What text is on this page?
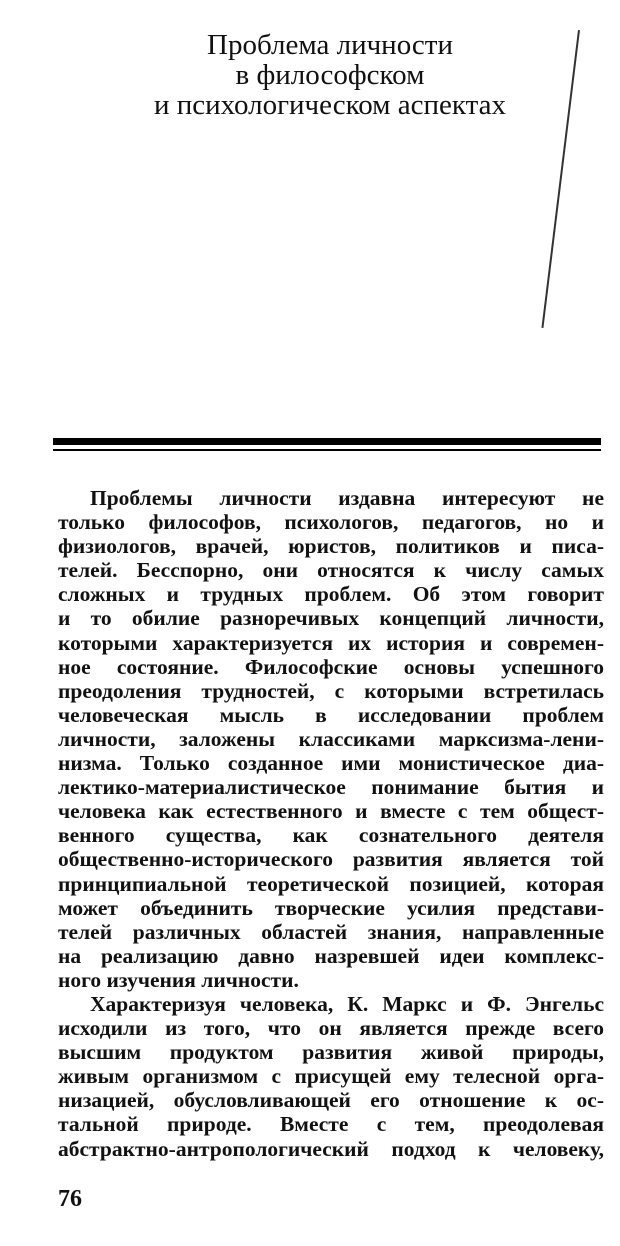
Проблема личности
в философском
и психологическом аспектах
Проблемы личности издавна интересуют не
только философов, психологов, педагогов, но и
физиологов, врачей, юристов, политиков и писа-
телей. Бесспорно, они относятся к числу самых
сложных и трудных проблем. Об этом говорит
и то обилие разноречивых концепций личности,
которыми характеризуется их история и современ-
ное состояние. Философские основы успешного
преодоления трудностей, с которыми встретилась
человеческая мысль в исследовании проблем
личности, заложены классиками марксизма-лени-
низма. Только созданное ими монистическое диа-
лектико-материалистическое понимание бытия и
человека как естественного и вместе с тем общест-
венного существа, как сознательного деятеля
общественно-исторического развития является той
принципиальной теоретической позицией, которая
может объединить творческие усилия представи-
телей различных областей знания, направленные
на реализацию давно назревшей идеи комплекс-
ного изучения личности.
Характеризуя человека, К. Маркс и Ф. Энгельс
исходили из того, что он является прежде всего
высшим продуктом развития живой природы,
живым организмом с присущей ему телесной орга-
низацией, обусловливающей его отношение к ос-
тальной природе. Вместе с тем, преодолевая
абстрактно-антропологический подход к человеку,
76
